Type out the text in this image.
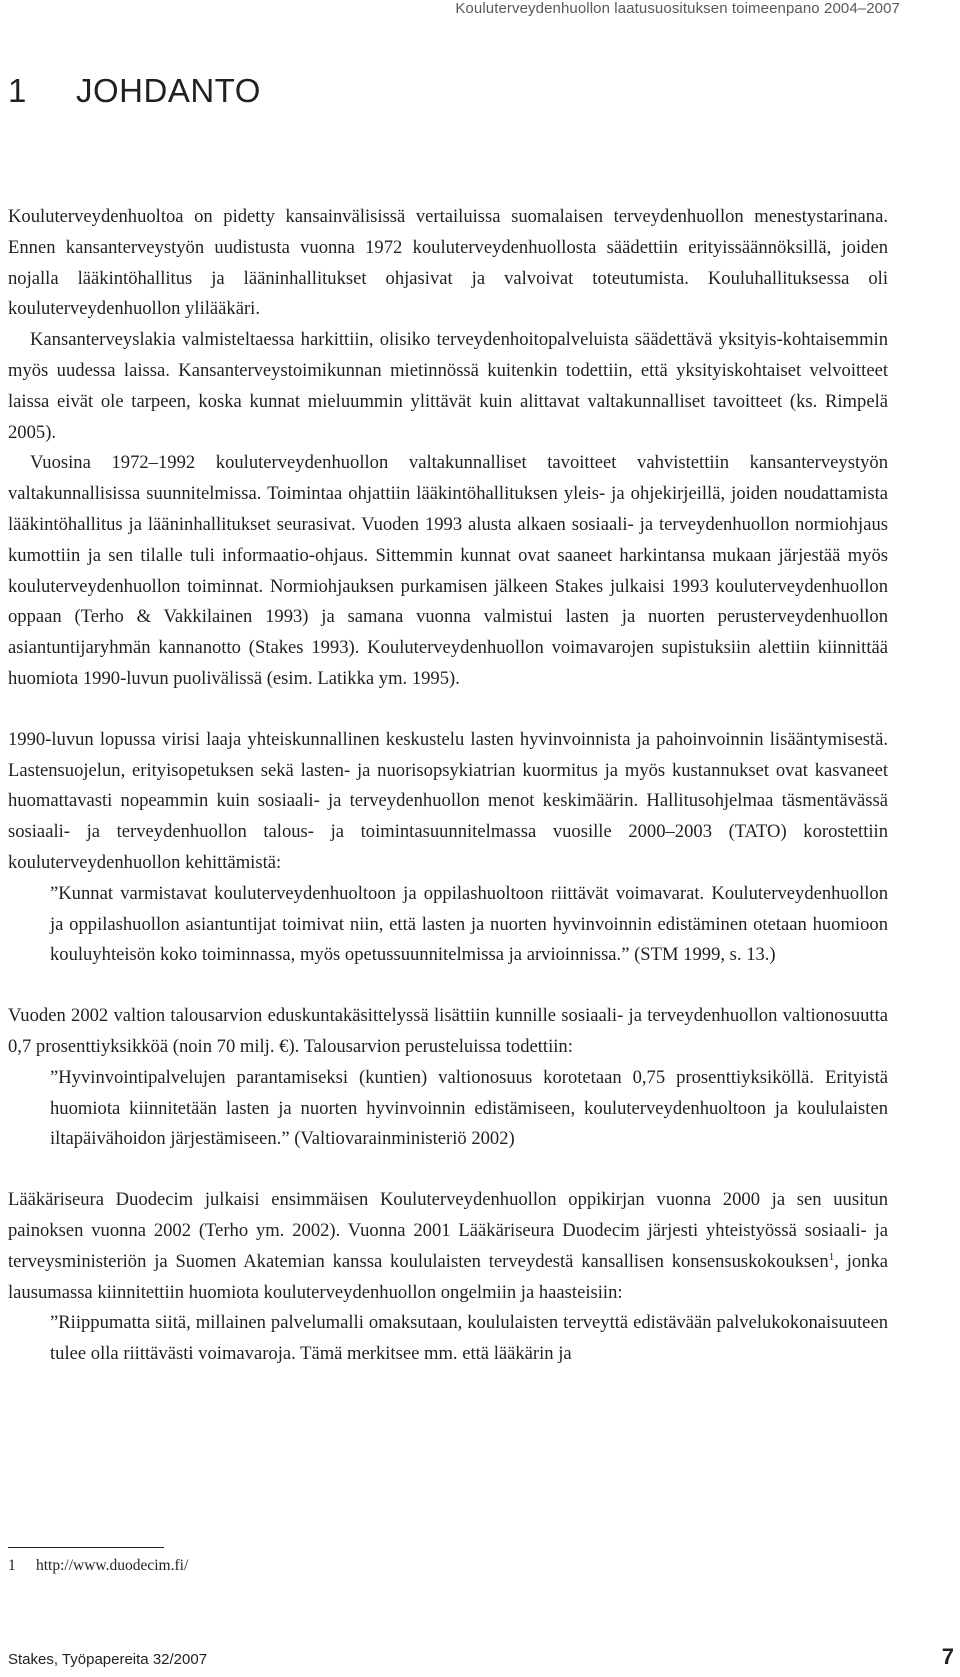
Kouluterveydenhuollon laatusuosituksen toimeenpano 2004–2007
1 JOHDANTO

Kouluterveydenhuoltoa on pidetty kansainvälisissä vertailuissa suomalaisen terveydenhuollon menestystarinana. Ennen kansanterveystyön uudistusta vuonna 1972 kouluterveydenhuollosta säädettiin erityissäännöksillä, joiden nojalla lääkintöhallitus ja lääninhallitukset ohjasivat ja valvoivat toteutumista. Kouluhallituksessa oli kouluterveydenhuollon ylilääkäri.

Kansanterveyslakia valmisteltaessa harkittiin, olisiko terveydenhoitopalveluista säädettävä yksityis-kohtaisemmin myös uudessa laissa. Kansanterveystoimikunnan mietinnössä kuitenkin todettiin, että yksityiskohtaiset velvoitteet laissa eivät ole tarpeen, koska kunnat mieluummin ylittävät kuin alittavat valtakunnalliset tavoitteet (ks. Rimpelä 2005).

Vuosina 1972–1992 kouluterveydenhuollon valtakunnalliset tavoitteet vahvistettiin kansanterveystyön valtakunnallisissa suunnitelmissa. Toimintaa ohjattiin lääkintöhallituksen yleis- ja ohjekirjeillä, joiden noudattamista lääkintöhallitus ja lääninhallitukset seurasivat. Vuoden 1993 alusta alkaen sosiaali- ja terveydenhuollon normiohjaus kumottiin ja sen tilalle tuli informaatio-ohjaus. Sittemmin kunnat ovat saaneet harkintansa mukaan järjestää myös kouluterveydenhuollon toiminnat. Normiohjauksen purkamisen jälkeen Stakes julkaisi 1993 kouluterveydenhuollon oppaan (Terho & Vakkilainen 1993) ja samana vuonna valmistui lasten ja nuorten perusterveydenhuollon asiantuntijaryhmän kannanotto (Stakes 1993). Kouluterveydenhuollon voimavarojen supistuksiin alettiin kiinnittää huomiota 1990-luvun puolivälissä (esim. Latikka ym. 1995).

1990-luvun lopussa virisi laaja yhteiskunnallinen keskustelu lasten hyvinvoinnista ja pahoinvoinnin lisääntymisestä. Lastensuojelun, erityisopetuksen sekä lasten- ja nuorisopsykiatrian kuormitus ja myös kustannukset ovat kasvaneet huomattavasti nopeammin kuin sosiaali- ja terveydenhuollon menot keskimäärin. Hallitusohjelmaa täsmentävässä sosiaali- ja terveydenhuollon talous- ja toimintasuunnitelmassa vuosille 2000–2003 (TATO) korostettiin kouluterveydenhuollon kehittämistä:

”Kunnat varmistavat kouluterveydenhuoltoon ja oppilashuoltoon riittävät voimavarat. Kouluterveydenhuollon ja oppilashuollon asiantuntijat toimivat niin, että lasten ja nuorten hyvinvoinnin edistäminen otetaan huomioon kouluyhteisön koko toiminnassa, myös opetussuunnitelmissa ja arvioinnissa.” (STM 1999, s. 13.)

Vuoden 2002 valtion talousarvion eduskuntakäsittelyssä lisättiin kunnille sosiaali- ja terveydenhuollon valtionosuutta 0,7 prosenttiyksikköä (noin 70 milj. €). Talousarvion perusteluissa todettiin:

”Hyvinvointipalvelujen parantamiseksi (kuntien) valtionosuus korotetaan 0,75 prosenttiyksiköllä. Erityistä huomiota kiinnitetään lasten ja nuorten hyvinvoinnin edistämiseen, kouluterveydenhuoltoon ja koululaisten iltapäivähoidon järjestämiseen.” (Valtiovarainministeriö 2002)

Lääkäriseura Duodecim julkaisi ensimmäisen Kouluterveydenhuollon oppikirjan vuonna 2000 ja sen uusitun painoksen vuonna 2002 (Terho ym. 2002). Vuonna 2001 Lääkäriseura Duodecim järjesti yhteistyössä sosiaali- ja terveysministeriön ja Suomen Akatemian kanssa koululaisten terveydestä kansallisen konsensuskokouksen$^1$, jonka lausumassa kiinnitettiin huomiota kouluterveydenhuollon ongelmiin ja haasteisiin:

”Riippumatta siitä, millainen palvelumalli omaksutaan, koululaisten terveyttä edistävään palvelukokonaisuuteen tulee olla riittävästi voimavaroja. Tämä merkitsee mm. että lääkärin ja

1 http://www.duodecim.fi/
Stakes, Työpapereita 32/2007	7
